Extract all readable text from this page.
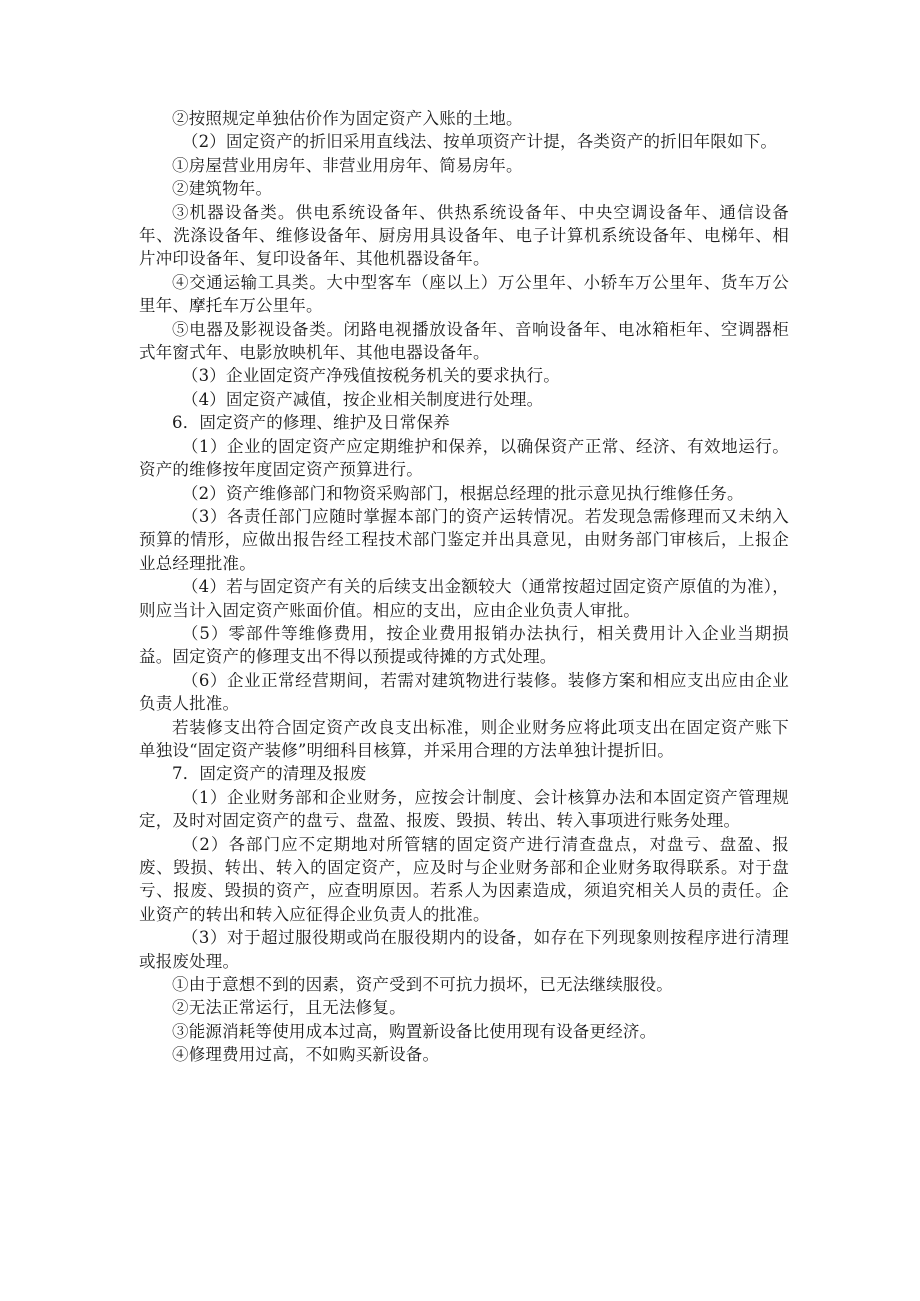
②按照规定单独估价作为固定资产入账的土地。

（2）固定资产的折旧采用直线法、按单项资产计提，各类资产的折旧年限如下。

①房屋营业用房年、非营业用房年、简易房年。

②建筑物年。

③机器设备类。供电系统设备年、供热系统设备年、中央空调设备年、通信设备年、洗涤设备年、维修设备年、厨房用具设备年、电子计算机系统设备年、电梯年、相片冲印设备年、复印设备年、其他机器设备年。

④交通运输工具类。大中型客车（座以上）万公里年、小轿车万公里年、货车万公里年、摩托车万公里年。

⑤电器及影视设备类。闭路电视播放设备年、音响设备年、电冰箱柜年、空调器柜式年窗式年、电影放映机年、其他电器设备年。

（3）企业固定资产净残值按税务机关的要求执行。

（4）固定资产减值，按企业相关制度进行处理。

6．固定资产的修理、维护及日常保养

（1）企业的固定资产应定期维护和保养，以确保资产正常、经济、有效地运行。资产的维修按年度固定资产预算进行。

（2）资产维修部门和物资采购部门，根据总经理的批示意见执行维修任务。

（3）各责任部门应随时掌握本部门的资产运转情况。若发现急需修理而又未纳入预算的情形，应做出报告经工程技术部门鉴定并出具意见，由财务部门审核后，上报企业总经理批准。

（4）若与固定资产有关的后续支出金额较大（通常按超过固定资产原值的为准），则应当计入固定资产账面价值。相应的支出，应由企业负责人审批。

（5）零部件等维修费用，按企业费用报销办法执行，相关费用计入企业当期损益。固定资产的修理支出不得以预提或待摊的方式处理。

（6）企业正常经营期间，若需对建筑物进行装修。装修方案和相应支出应由企业负责人批准。

若装修支出符合固定资产改良支出标准，则企业财务应将此项支出在固定资产账下单独设“固定资产装修”明细科目核算，并采用合理的方法单独计提折旧。

7．固定资产的清理及报废

（1）企业财务部和企业财务，应按会计制度、会计核算办法和本固定资产管理规定，及时对固定资产的盘亏、盘盈、报废、毁损、转出、转入事项进行账务处理。

（2）各部门应不定期地对所管辖的固定资产进行清查盘点，对盘亏、盘盈、报废、毁损、转出、转入的固定资产，应及时与企业财务部和企业财务取得联系。对于盘亏、报废、毁损的资产，应查明原因。若系人为因素造成，须追究相关人员的责任。企业资产的转出和转入应征得企业负责人的批准。

（3）对于超过服役期或尚在服役期内的设备，如存在下列现象则按程序进行清理或报废处理。

①由于意想不到的因素，资产受到不可抗力损坏，已无法继续服役。

②无法正常运行，且无法修复。

③能源消耗等使用成本过高，购置新设备比使用现有设备更经济。

④修理费用过高，不如购买新设备。
